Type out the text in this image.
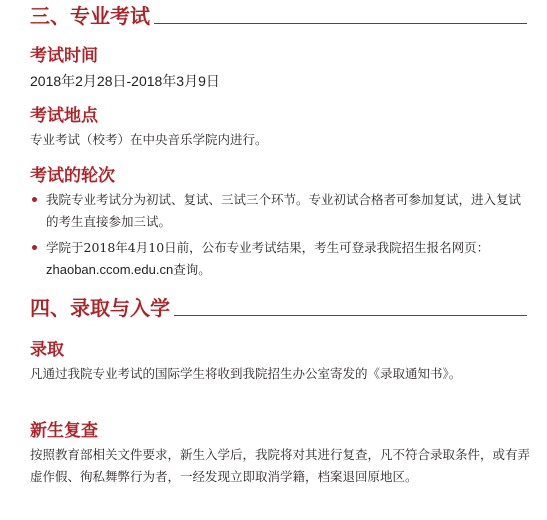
三、专业考试
考试时间
2018年2月28日-2018年3月9日
考试地点
专业考试（校考）在中央音乐学院内进行。
考试的轮次
我院专业考试分为初试、复试、三试三个环节。专业初试合格者可参加复试，进入复试的考生直接参加三试。
学院于2018年4月10日前，公布专业考试结果，考生可登录我院招生报名网页：zhaoban.ccom.edu.cn查询。
四、录取与入学
录取
凡通过我院专业考试的国际学生将收到我院招生办公室寄发的《录取通知书》。
新生复查
按照教育部相关文件要求，新生入学后，我院将对其进行复查，凡不符合录取条件，或有弄虚作假、徇私舞弊行为者，一经发现立即取消学籍，档案退回原地区。
